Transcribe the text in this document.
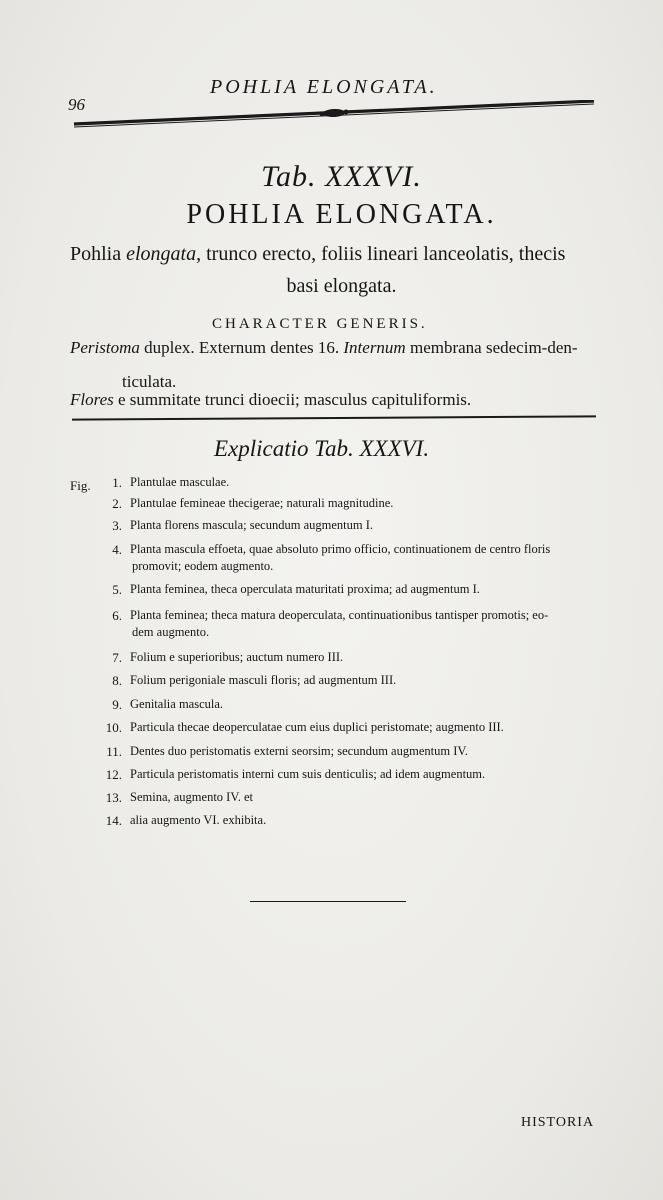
96
POHLIA ELONGATA.
Tab. XXXVI.
POHLIA ELONGATA.
Pohlia elongata, trunco erecto, foliis lineari lanceolatis, thecis
basi elongata.
CHARACTER GENERIS.
Peristoma duplex. Externum dentes 16. Internum membrana sedecim-den-
ticulata.
Flores e summitate trunci dioecii; masculus capituliformis.
Explicatio Tab. XXXVI.
Fig.	1. Plantulae masculae.
2. Plantulae femineae thecigerae; naturali magnitudine.
3. Planta florens mascula; secundum augmentum I.
4. Planta mascula effoeta, quae absoluto primo officio, continuationem de centro floris
promovit; eodem augmento.
5. Planta feminea, theca operculata maturitati proxima; ad augmentum I.
6. Planta feminea; theca matura deoperculata, continuationibus tantisper promotis; eo-
dem augmento.
7. Folium e superioribus; auctum numero III.
8. Folium perigoniale masculi floris; ad augmentum III.
9. Genitalia mascula.
10. Particula thecae deoperculatae cum eius duplici peristomate; augmento III.
11. Dentes duo peristomatis externi seorsim; secundum augmentum IV.
12. Particula peristomatis interni cum suis denticulis; ad idem augmentum.
13. Semina, augmento IV. et
14. alia augmento VI. exhibita.
HISTORIA
